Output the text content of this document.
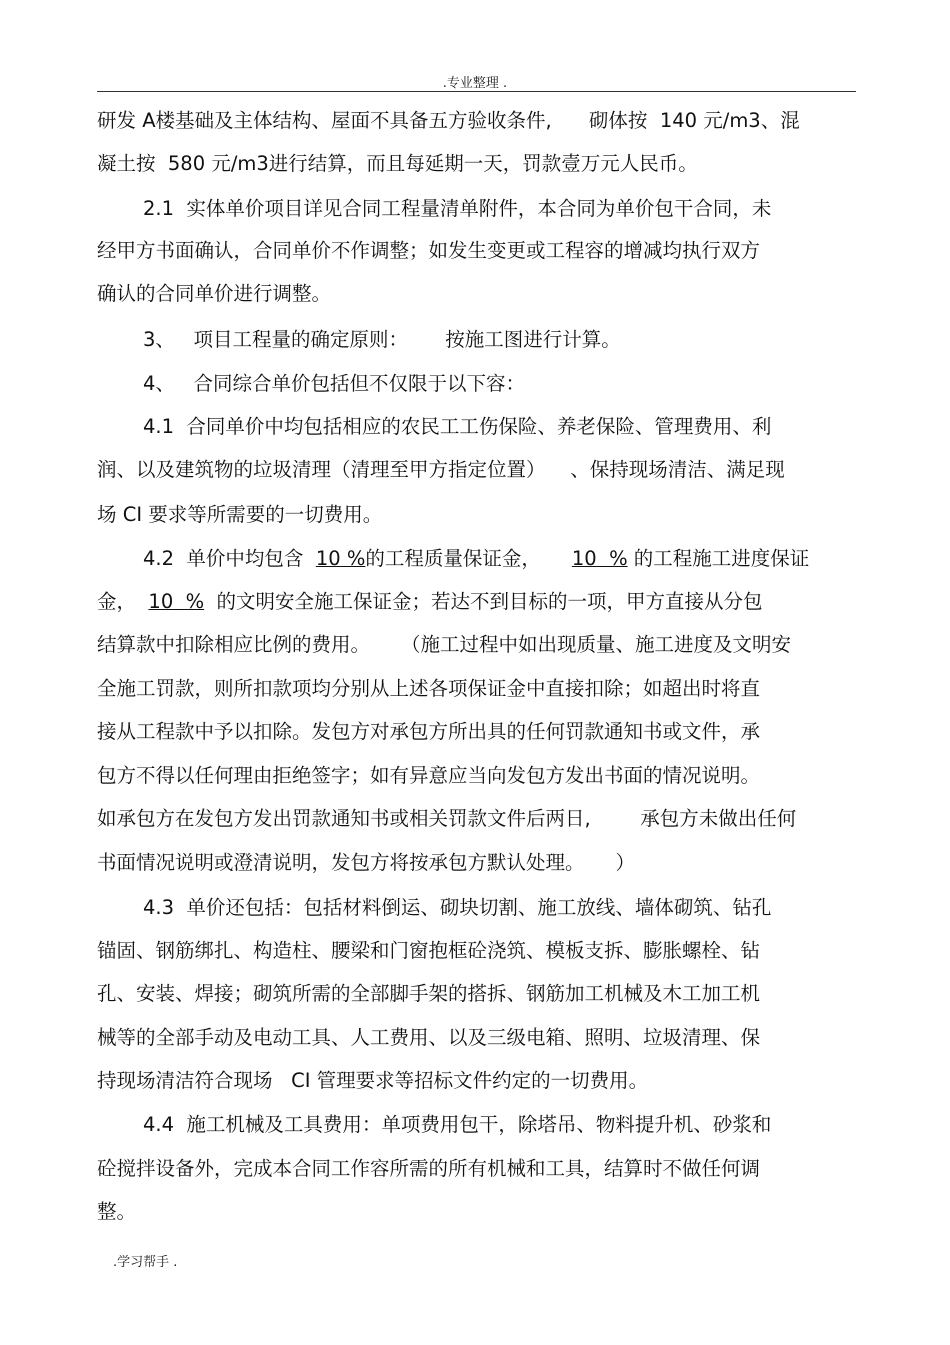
.专业整理 .
研发 A楼基础及主体结构、屋面不具备五方验收条件,      砌体按  140 元/m3、混
凝土按  580 元/m3进行结算，而且每延期一天，罚款壹万元人民币。
2.1  实体单价项目详见合同工程量清单附件，本合同为单价包干合同，未
经甲方书面确认，合同单价不作调整；如发生变更或工程容的增减均执行双方
确认的合同单价进行调整。
3、   项目工程量的确定原则：      按施工图进行计算。
4、   合同综合单价包括但不仅限于以下容：
4.1  合同单价中均包括相应的农民工工伤保险、养老保险、管理费用、利
润、以及建筑物的垃圾清理（清理至甲方指定位置）    、保持现场清洁、满足现
场 CI 要求等所需要的一切费用。
4.2  单价中均包含  10 %的工程质量保证金，     10  % 的工程施工进度保证
金，  10  %  的文明安全施工保证金；若达不到目标的一项，甲方直接从分包
结算款中扣除相应比例的费用。     （施工过程中如出现质量、施工进度及文明安
全施工罚款，则所扣款项均分别从上述各项保证金中直接扣除；如超出时将直
接从工程款中予以扣除。发包方对承包方所出具的任何罚款通知书或文件，承
包方不得以任何理由拒绝签字；如有异意应当向发包方发出书面的情况说明。
如承包方在发包方发出罚款通知书或相关罚款文件后两日,        承包方未做出任何
书面情况说明或澄清说明，发包方将按承包方默认处理。     ）
4.3  单价还包括：包括材料倒运、砌块切割、施工放线、墙体砌筑、钻孔
锚固、钢筋绑扎、构造柱、腰梁和门窗抱框砼浇筑、模板支拆、膨胀螺栓、钻
孔、安装、焊接；砌筑所需的全部脚手架的搭拆、钢筋加工机械及木工加工机
械等的全部手动及电动工具、人工费用、以及三级电箱、照明、垃圾清理、保
持现场清洁符合现场   CI 管理要求等招标文件约定的一切费用。
4.4  施工机械及工具费用：单项费用包干，除塔吊、物料提升机、砂浆和
砼搅拌设备外，完成本合同工作容所需的所有机械和工具，结算时不做任何调
整。
.学习帮手 .
